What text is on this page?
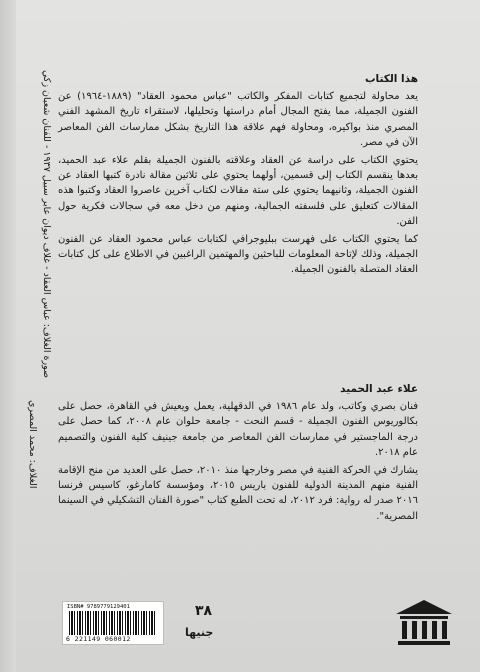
صورة الغلاف: عباس العقاد - غلاف ديوان عابر سبيل ١٩٣٧ - للفنان شعبان زكي
الغلاف: محمد المصري

هذا الكتاب

يعد محاولة لتجميع كتابات المفكر والكاتب "عباس محمود العقاد" (١٨٨٩-١٩٦٤) عن الفنون الجميلة، مما يفتح المجال أمام دراستها وتحليلها، لاستقراء تاريخ المشهد الفني المصري منذ بواكيره، ومحاولة فهم علاقة هذا التاريخ بشكل ممارسات الفن المعاصر الآن في مصر.

يحتوي الكتاب على دراسة عن العقاد وعلاقته بالفنون الجميلة بقلم علاء عبد الحميد، بعدها ينقسم الكتاب إلى قسمين، أولهما يحتوي على ثلاثين مقالة نادرة كتبها العقاد عن الفنون الجميلة، وثانيهما يحتوي على ستة مقالات لكتاب آخرين عاصروا العقاد وكتبوا هذه المقالات كتعليق على فلسفته الجمالية، ومنهم من دخل معه في سجالات فكرية حول الفن.

كما يحتوي الكتاب على فهرست ببليوجرافي لكتابات عباس محمود العقاد عن الفنون الجميلة، وذلك لإتاحة المعلومات للباحثين والمهتمين الراغبين في الاطلاع على كل كتابات العقاد المتصلة بالفنون الجميلة.

علاء عبد الحميد

فنان بصري وكاتب، ولد عام ١٩٨٦ في الدقهلية، يعمل ويعيش في القاهرة، حصل على بكالوريوس الفنون الجميلة - قسم النحت - جامعة حلوان عام ٢٠٠٨، كما حصل على درجة الماجستير في ممارسات الفن المعاصر من جامعة جينيف كلية الفنون والتصميم عام ٢٠١٨.

يشارك في الحركة الفنية في مصر وخارجها منذ ٢٠١٠، حصل على العديد من منح الإقامة الفنية منهم المدينة الدولية للفنون باريس ٢٠١٥، ومؤسسة كامارغو، كاسيس فرنسا ٢٠١٦ صدر له رواية: فرد ٢٠١٢، له تحت الطبع كتاب "صورة الفنان التشكيلي في السينما المصرية".

ISBN# 9789779129401
6 221149 060012
٣٨
جنيها
